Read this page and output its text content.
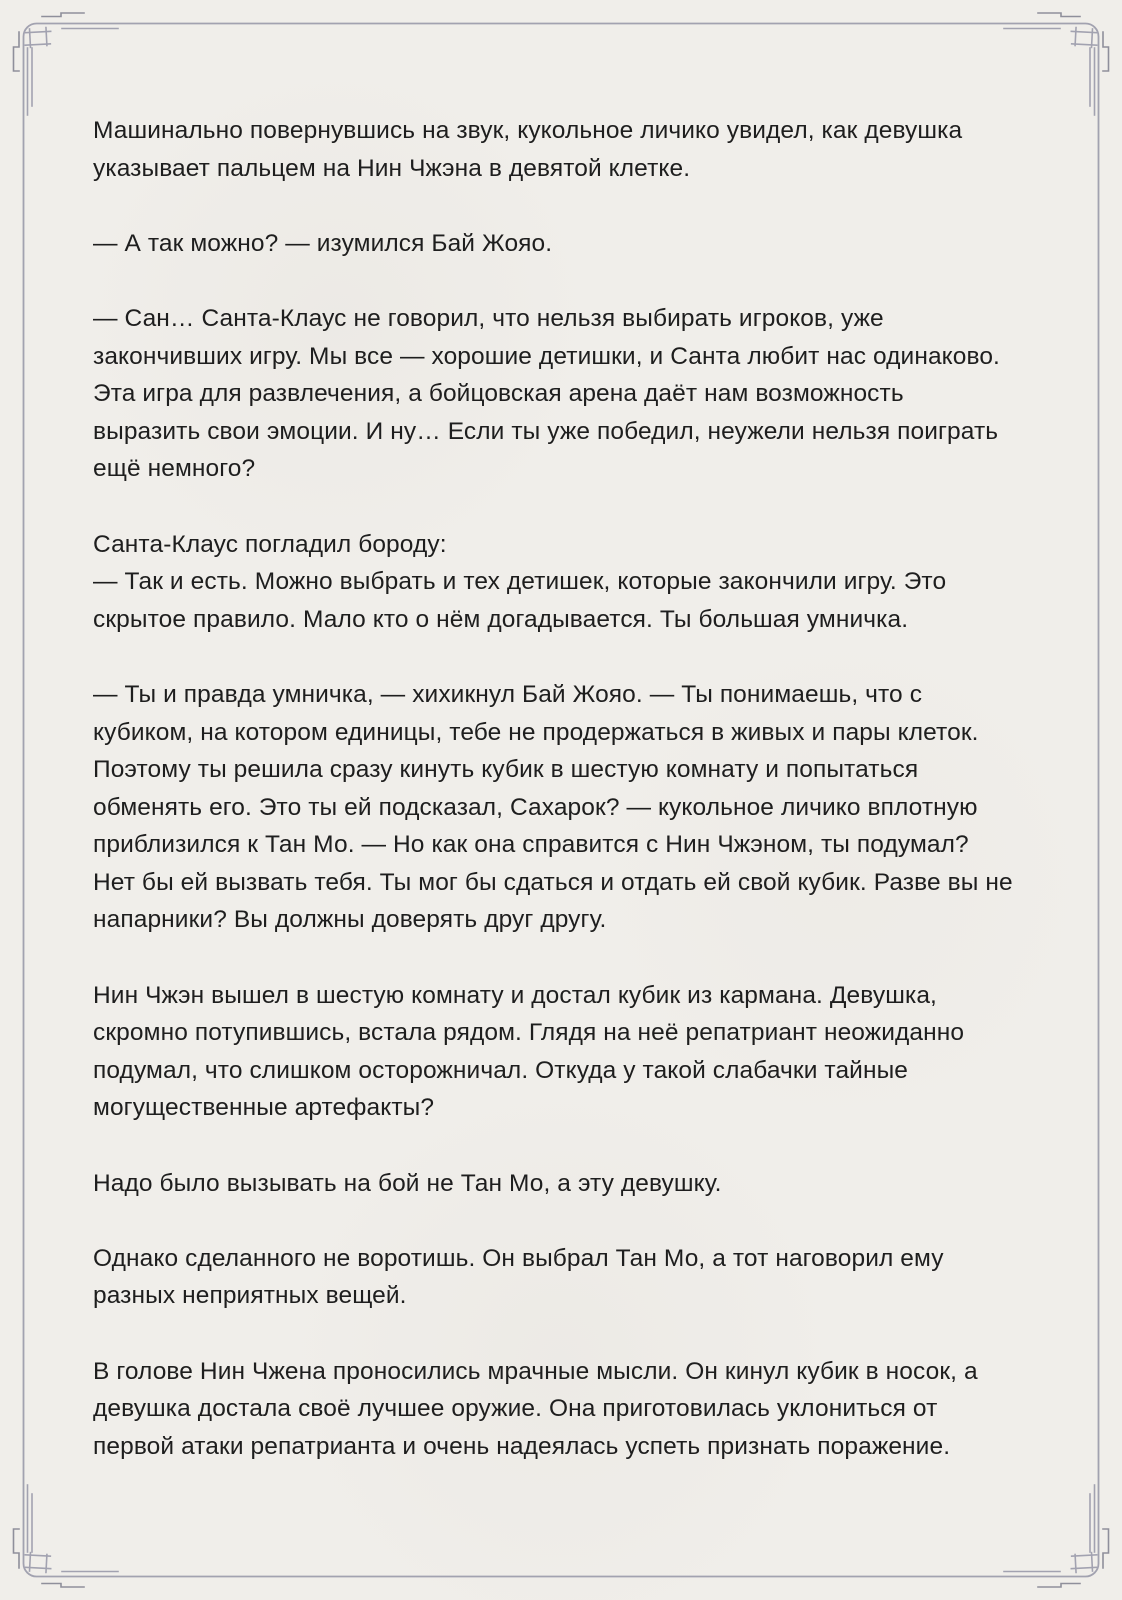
Машинально повернувшись на звук, кукольное личико увидел, как девушка указывает пальцем на Нин Чжэна в девятой клетке.

— А так можно? — изумился Бай Жояо.

— Сан… Санта-Клаус не говорил, что нельзя выбирать игроков, уже закончивших игру. Мы все — хорошие детишки, и Санта любит нас одинаково. Эта игра для развлечения, а бойцовская арена даёт нам возможность выразить свои эмоции. И ну… Если ты уже победил, неужели нельзя поиграть ещё немного?

Санта-Клаус погладил бороду:

— Так и есть. Можно выбрать и тех детишек, которые закончили игру. Это скрытое правило. Мало кто о нём догадывается. Ты большая умничка.

— Ты и правда умничка, — хихикнул Бай Жояо. — Ты понимаешь, что с кубиком, на котором единицы, тебе не продержаться в живых и пары клеток. Поэтому ты решила сразу кинуть кубик в шестую комнату и попытаться обменять его. Это ты ей подсказал, Сахарок? — кукольное личико вплотную приблизился к Тан Мо. — Но как она справится с Нин Чжэном, ты подумал? Нет бы ей вызвать тебя. Ты мог бы сдаться и отдать ей свой кубик. Разве вы не напарники? Вы должны доверять друг другу.

Нин Чжэн вышел в шестую комнату и достал кубик из кармана. Девушка, скромно потупившись, встала рядом. Глядя на неё репатриант неожиданно подумал, что слишком осторожничал. Откуда у такой слабачки тайные могущественные артефакты?

Надо было вызывать на бой не Тан Мо, а эту девушку.

Однако сделанного не воротишь. Он выбрал Тан Мо, а тот наговорил ему разных неприятных вещей.

В голове Нин Чжена проносились мрачные мысли. Он кинул кубик в носок, а девушка достала своё лучшее оружие. Она приготовилась уклониться от первой атаки репатрианта и очень надеялась успеть признать поражение.
